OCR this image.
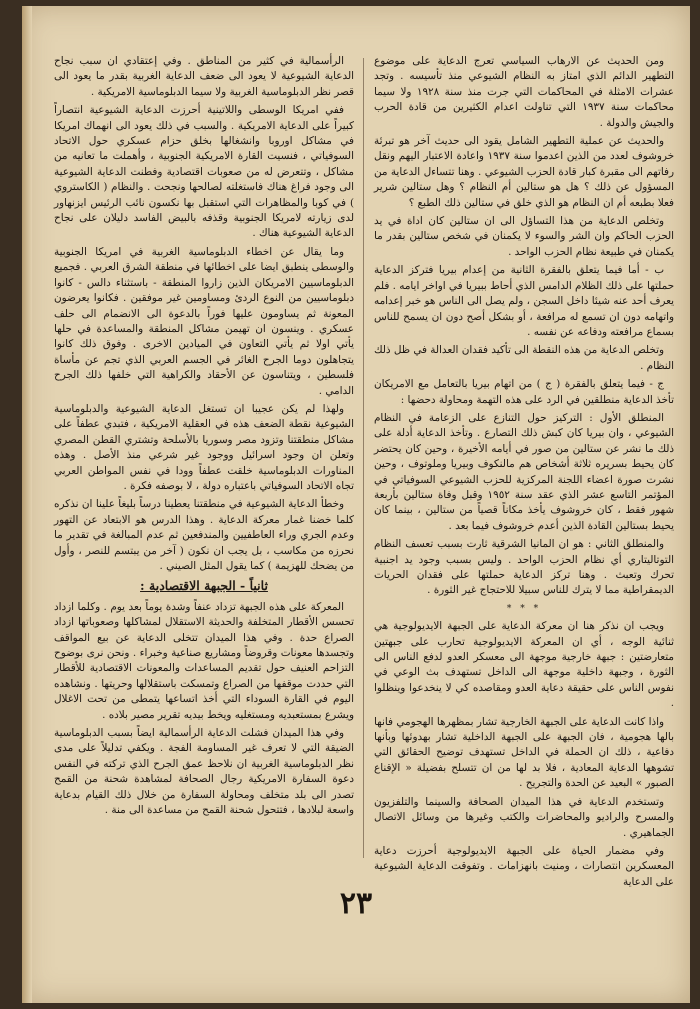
ومن الحديث عن الارهاب السياسي تعرج الدعاية على موضوع التطهير الدائم الذي امتاز به النظام الشيوعي منذ تأسيسه . وتجد عشرات الامثلة في المحاكمات التي جرت منذ سنة ١٩٢٨ ولا سيما محاكمات سنة ١٩٣٧ التي تناولت اعدام الكثيرين من قادة الحرب والجيش والدولة .

والحديث عن عملية التطهير الشامل يقود الى حديث آخر هو تبرئة خروشوف لعدد من الذين اعدموا سنة ١٩٣٧ واعادة الاعتبار اليهم ونقل رفاتهم الى مقبرة كبار قادة الحزب الشيوعي . وهنا تتساءل الدعاية من المسؤول عن ذلك ؟ هل هو ستالين أم النظام ؟ وهل ستالين شرير فعلا بطبعه أم ان النظام هو الذي خلق في ستالين ذلك الطبع ؟

وتخلص الدعاية من هذا التساؤل الى ان ستالين كان اداة في يد الحزب الحاكم وان الشر والسوء لا يكمنان في شخص ستالين بقدر ما يكمنان في طبيعة نظام الحزب الواحد .

ب - أما فيما يتعلق بالفقرة الثانية من إعدام بيريا فتركز الدعاية حملتها على ذلك الظلام الدامس الذي أحاط ببيريا في اواخر ايامه . فلم يعرف أحد عنه شيئا داخل السجن ، ولم يصل الى الناس هو خبر إعدامه واتهامه دون ان تسمع له مرافعة ، أو بشكل أصح دون ان يسمح للناس بسماع مرافعته ودفاعه عن نفسه .

وتخلص الدعاية من هذه النقطة الى تأكيد فقدان العدالة في ظل ذلك النظام .

ج - فيما يتعلق بالفقرة ( ج ) من اتهام بيريا بالتعامل مع الامريكان تأخذ الدعاية منطلقين في الرد على هذه التهمة ومحاولة دحضها :

المنطلق الأول : التركيز حول التنازع على الزعامة في النظام الشيوعي ، وان بيريا كان كبش ذلك التصارع . وتأخذ الدعاية أدلة على ذلك ما نشر عن ستالين من صور في أيامه الأخيرة ، وحين كان يحتضر كان يحيط بسريره ثلاثة أشخاص هم مالنكوف وبيريا وملوتوف ، وحين نشرت صورة اعضاء اللجنة المركزية للحزب الشيوعي السوفياتي في المؤتمر التاسع عشر الذي عقد سنة ١٩٥٢ وقبل وفاة ستالين بأربعة شهور فقط ، كان خروشوف يأخذ مكاناً قصياً من ستالين ، بينما كان يحيط بستالين القادة الذين أعدم خروشوف فيما بعد .

والمنطلق الثاني : هو ان المانيا الشرقية ثارت بسبب تعسف النظام التوتاليتاري أي نظام الحزب الواحد . وليس بسبب وجود يد اجنبية تحرك وتعبث . وهنا تركز الدعاية حملتها على فقدان الحريات الديمقراطية مما لا يترك للناس سبيلا للاحتجاج غير الثورة .

* * *

ويجب ان نذكر هنا ان معركة الدعاية على الجبهة الايديولوجية هي ثنائية الوجه ، أي ان المعركة الايديولوجية تحارب على جبهتين متعارضتين : جبهة خارجية موجهة الى معسكر العدو لدفع الناس الى الثورة ، وجبهة داخلية موجهة الى الداخل تستهدف بث الوعي في نفوس الناس على حقيقة دعاية العدو ومقاصده كي لا ينخدعوا وينظلوا .

واذا كانت الدعاية على الجبهة الخارجية تشار بمظهرها الهجومي فانها بالها هجومية ، فان الجبهة على الجبهة الداخلية تشار بهدوئها وبأنها دفاعية ، ذلك ان الحملة في الداخل تستهدف توضيح الحقائق التي تشوهها الدعاية المعادية ، فلا بد لها من ان تتسلح بفضيلة « الإقناع الصبور » البعيد عن الحدة والتجريح .

وتستخدم الدعاية في هذا الميدان الصحافة والسينما والتلفزيون والمسرح والراديو والمحاضرات والكتب وغيرها من وسائل الاتصال الجماهيري .

وفي مضمار الحياة على الجبهة الايديولوجية أحرزت دعاية المعسكرين انتصارات ، ومنيت بانهزامات . وتفوقت الدعاية الشيوعية على الدعاية

الرأسمالية في كثير من المناطق . وفي إعتقادي ان سبب نجاح الدعاية الشيوعية لا يعود الى ضعف الدعاية الغربية بقدر ما يعود الى قصر نظر الدبلوماسية الغربية ولا سيما الدبلوماسية الامريكية .

ففي امريكا الوسطى واللاتينية أحرزت الدعاية الشيوعية انتصاراً كبيراً على الدعاية الامريكية . والسبب في ذلك يعود الى انهماك امريكا في مشاكل اوروبا وانشغالها بخلق حزام عسكري حول الاتحاد السوفياتي ، فنسيت القارة الامريكية الجنوبية ، وأهملت ما تعانيه من مشاكل ، وتتعرض له من صعوبات اقتصادية وفطنت الدعاية الشيوعية الى وجود فراغ هناك فاستغلته لصالحها ونجحت . والنظام ( الكاستروي ) في كوبا والمظاهرات التي استقبل بها نكسون نائب الرئيس ايزنهاور لدى زيارته لامريكا الجنوبية وقذفه بالبيض الفاسد دليلان على نجاح الدعاية الشيوعية هناك .

وما يقال عن اخطاء الدبلوماسية الغربية في امريكا الجنوبية والوسطى ينطبق ايضا على اخطائها في منطقة الشرق العربي . فجميع الدبلوماسيين الامريكان الذين زاروا المنطقة - باستثناء دالس - كانوا دبلوماسيين من النوع الردئ ومساومين غير موفقين . فكانوا يعرضون المعونة ثم يساومون عليها فوراً بالدعوة الى الانضمام الى حلف عسكري . وينسون ان تهيمن مشاكل المنطقة والمساعدة في حلها يأتي اولا ثم يأتي التعاون في الميادين الاخرى . وفوق ذلك كانوا يتجاهلون دوما الجرح الغائر في الجسم العربي الذي تجم عن مأساة فلسطين ، ويتناسون عن الأحقاد والكراهية التي خلفها ذلك الجرح الدامي .

ولهذا لم يكن عجيبا ان تستغل الدعاية الشيوعية والدبلوماسية الشيوعية نقطة الضعف هذه في العقلية الامريكية ، فتبدي عطفاً على مشاكل منطقتنا وتزود مصر وسوريا بالأسلحة وتشتري القطن المصري وتعلن ان وجود اسرائيل ووجود غير شرعي منذ الأصل . وهذه المناورات الدبلوماسية خلقت عطفاً وودا في نفس المواطن العربي تجاه الاتحاد السوفياتي باعتباره دولة ، لا بوصفه فكرة .

وخطأ الدعاية الشيوعية في منطقتنا يعطينا درساً بليغاً علينا ان نذكره كلما خضنا غمار معركة الدعاية . وهذا الدرس هو الابتعاد عن التهور وعدم الجري وراء العاطفيين والمندفعين ثم عدم المبالغة في تقدير ما نحرزه من مكاسب ، بل يجب ان نكون ( آخر من يبتسم للنصر ، وأول من يضحك للهزيمة ) كما يقول المثل الصيني .

ثانياً - الجبهة الاقتصادية :

المعركة على هذه الجبهة تزداد عنفاً وشدة يوماً بعد يوم . وكلما ازداد تحسس الأقطار المتخلفة والحديثة الاستقلال لمشاكلها وصعوباتها ازداد الصراع حدة . وفي هذا الميدان تتخلى الدعاية عن بيع المواقف وتجسدها معونات وقروضاً ومشاريع صناعية وخبراء . ونحن نرى بوضوح التزاحم العنيف حول تقديم المساعدات والمعونات الاقتصادية للأقطار التي حددت موقفها من الصراع وتمسكت باستقلالها وحريتها . ونشاهده اليوم في القارة السوداء التي أخذ اتساعها يتمطى من تحت الاغلال ويشرع بمستعبديه ومستغليه ويخط بيديه تقرير مصير بلاده .

وفي هذا الميدان فشلت الدعاية الرأسمالية ايضاً بسبب الدبلوماسية الضيقة التي لا تعرف غير المساومة الفجة . ويكفي تدليلاً على مدى نظر الدبلوماسية الغربية ان نلاحظ عمق الجرح الذي تركته في النفس دعوة السفارة الامريكية رجال الصحافة لمشاهدة شحنة من القمح تصدر الى بلد متخلف ومحاولة السفارة من خلال ذلك القيام بدعاية واسعة لبلادها ، فتتحول شحنة القمح من مساعدة الى منة .

٢٣
